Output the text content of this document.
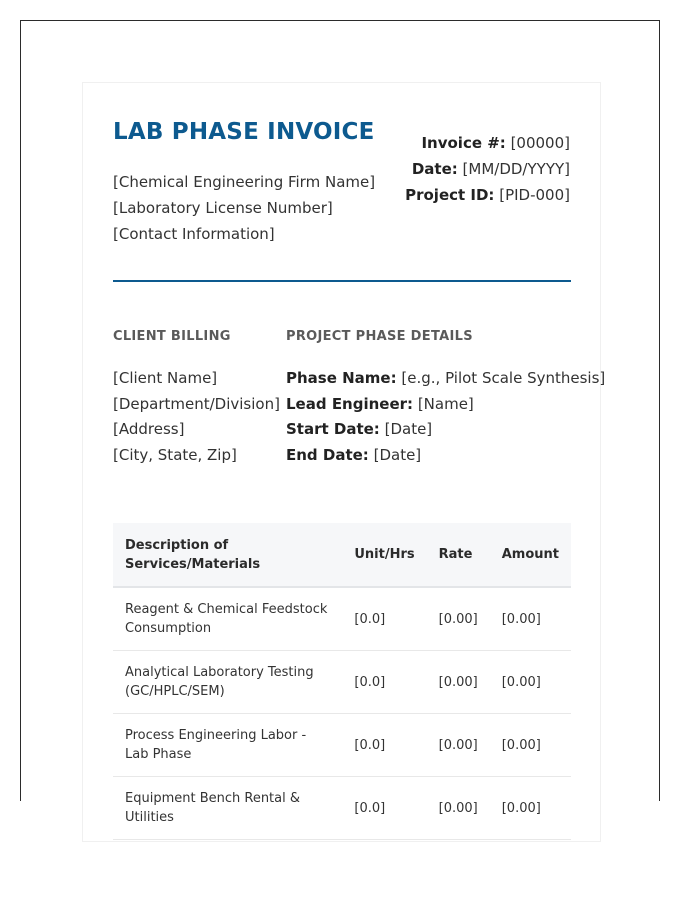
LAB PHASE INVOICE
[Chemical Engineering Firm Name]
[Laboratory License Number]
[Contact Information]
Invoice #: [00000]
Date: [MM/DD/YYYY]
Project ID: [PID-000]
CLIENT BILLING	PROJECT PHASE DETAILS
[Client Name]
[Department/Division]
[Address]
[City, State, Zip]
Phase Name: [e.g., Pilot Scale Synthesis]
Lead Engineer: [Name]
Start Date: [Date]
End Date: [Date]
Description of Services/Materials	Unit/Hrs	Rate	Amount
Reagent & Chemical Feedstock Consumption	[0.0]	[0.00]	[0.00]
Analytical Laboratory Testing (GC/HPLC/SEM)	[0.0]	[0.00]	[0.00]
Process Engineering Labor - Lab Phase	[0.0]	[0.00]	[0.00]
Equipment Bench Rental & Utilities	[0.0]	[0.00]	[0.00]
